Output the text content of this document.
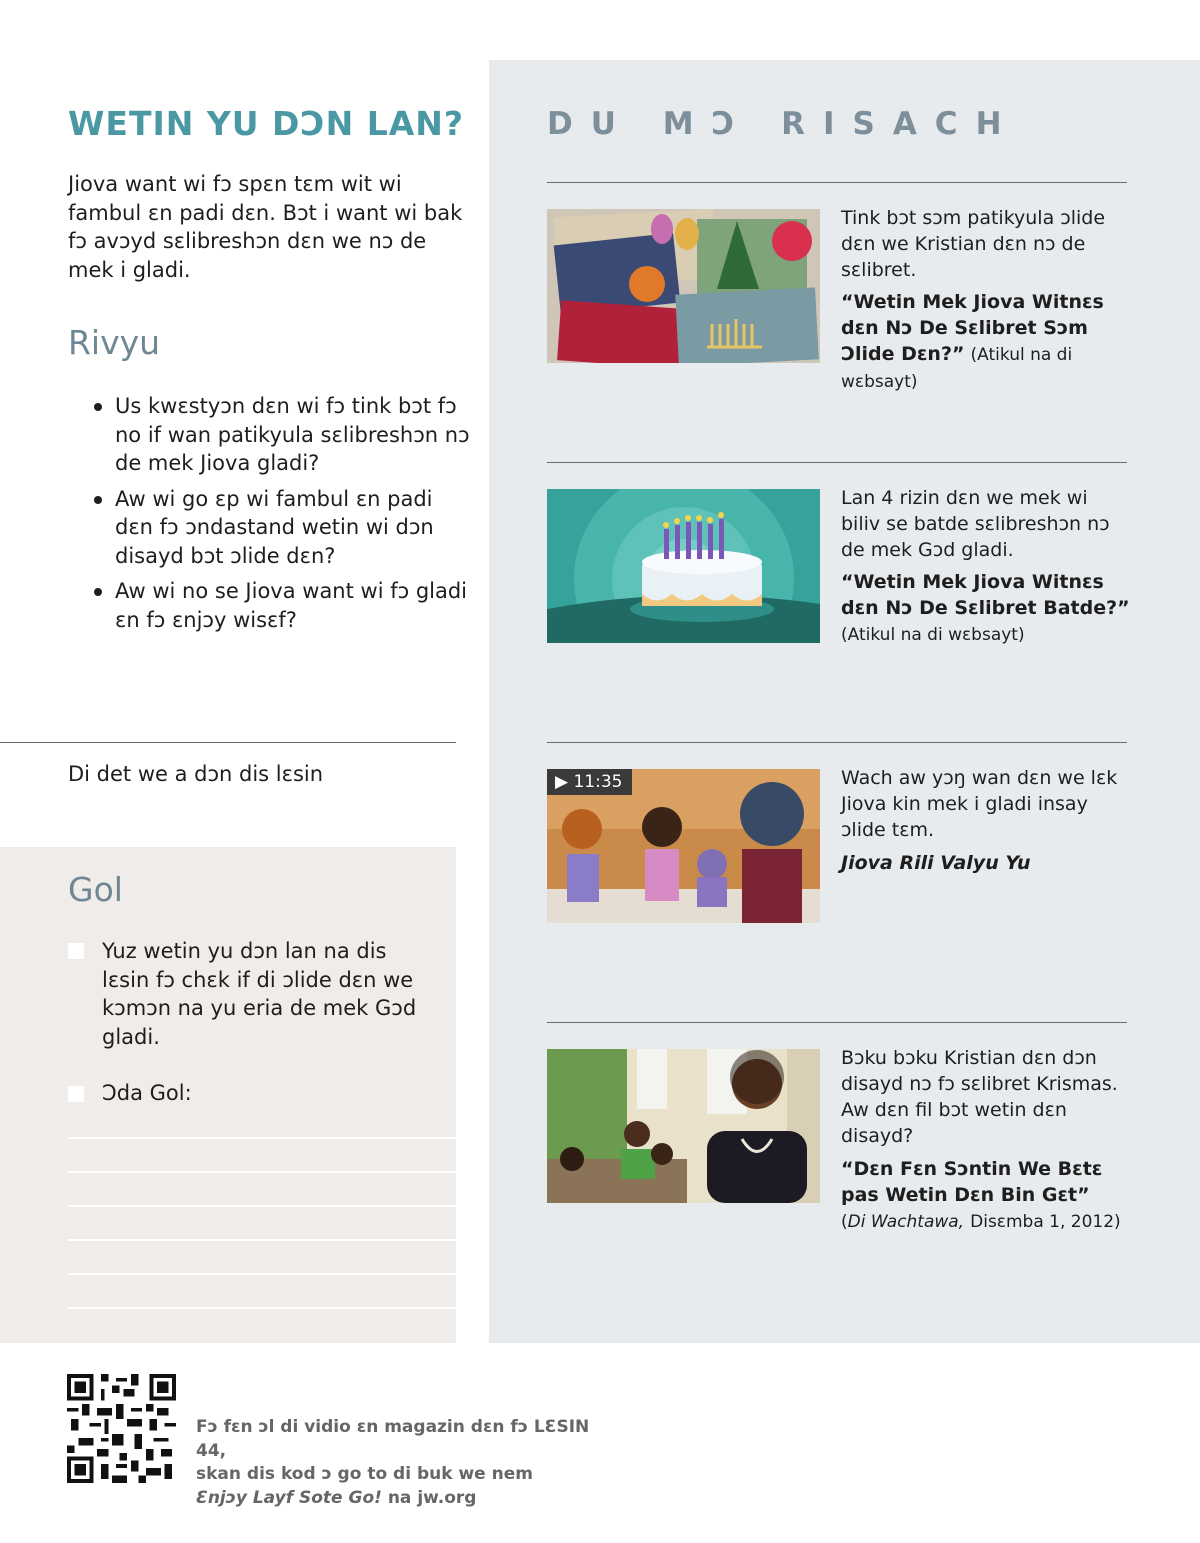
WETIN YU DƆN LAN?

Jiova want wi fɔ spɛn tɛm wit wi fambul ɛn padi dɛn. Bɔt i want wi bak fɔ avɔyd sɛlibreshɔn dɛn we nɔ de mek i gladi.

Rivyu
Us kwɛstyɔn dɛn wi fɔ tink bɔt fɔ no if wan patikyula sɛlibreshɔn nɔ de mek Jiova gladi?
Aw wi go ɛp wi fambul ɛn padi dɛn fɔ ɔndastand wetin wi dɔn disayd bɔt ɔlide dɛn?
Aw wi no se Jiova want wi fɔ gladi ɛn fɔ ɛnjɔy wisɛf?

Di det we a dɔn dis lɛsin

Gol

Yuz wetin yu dɔn lan na dis lɛsin fɔ chɛk if di ɔlide dɛn we kɔmɔn na yu eria de mek Gɔd gladi.

Ɔda Gol:

DU MƆ RISACH

Tink bɔt sɔm patikyula ɔlide dɛn we Kristian dɛn nɔ de sɛlibret.

“Wetin Mek Jiova Witnɛs dɛn Nɔ De Sɛlibret Sɔm Ɔlide Dɛn?” (Atikul na di wɛbsayt)

Lan 4 rizin dɛn we mek wi biliv se batde sɛlibreshɔn nɔ de mek Gɔd gladi.

“Wetin Mek Jiova Witnɛs dɛn Nɔ De Sɛlibret Batde?”
(Atikul na di wɛbsayt)

▶ 11:35	Wach aw yɔŋ wan dɛn we lɛk Jiova kin mek i gladi insay ɔlide tɛm.

Jiova Rili Valyu Yu

Bɔku bɔku Kristian dɛn dɔn disayd nɔ fɔ sɛlibret Krismas. Aw dɛn fil bɔt wetin dɛn disayd?

“Dɛn Fɛn Sɔntin We Bɛtɛ pas Wetin Dɛn Bin Gɛt”
(Di Wachtawa, Disɛmba 1, 2012)

Fɔ fɛn ɔl di vidio ɛn magazin dɛn fɔ LƐSIN 44,
skan dis kod ɔ go to di buk we nem
Ɛnjɔy Layf Sote Go! na jw.org
